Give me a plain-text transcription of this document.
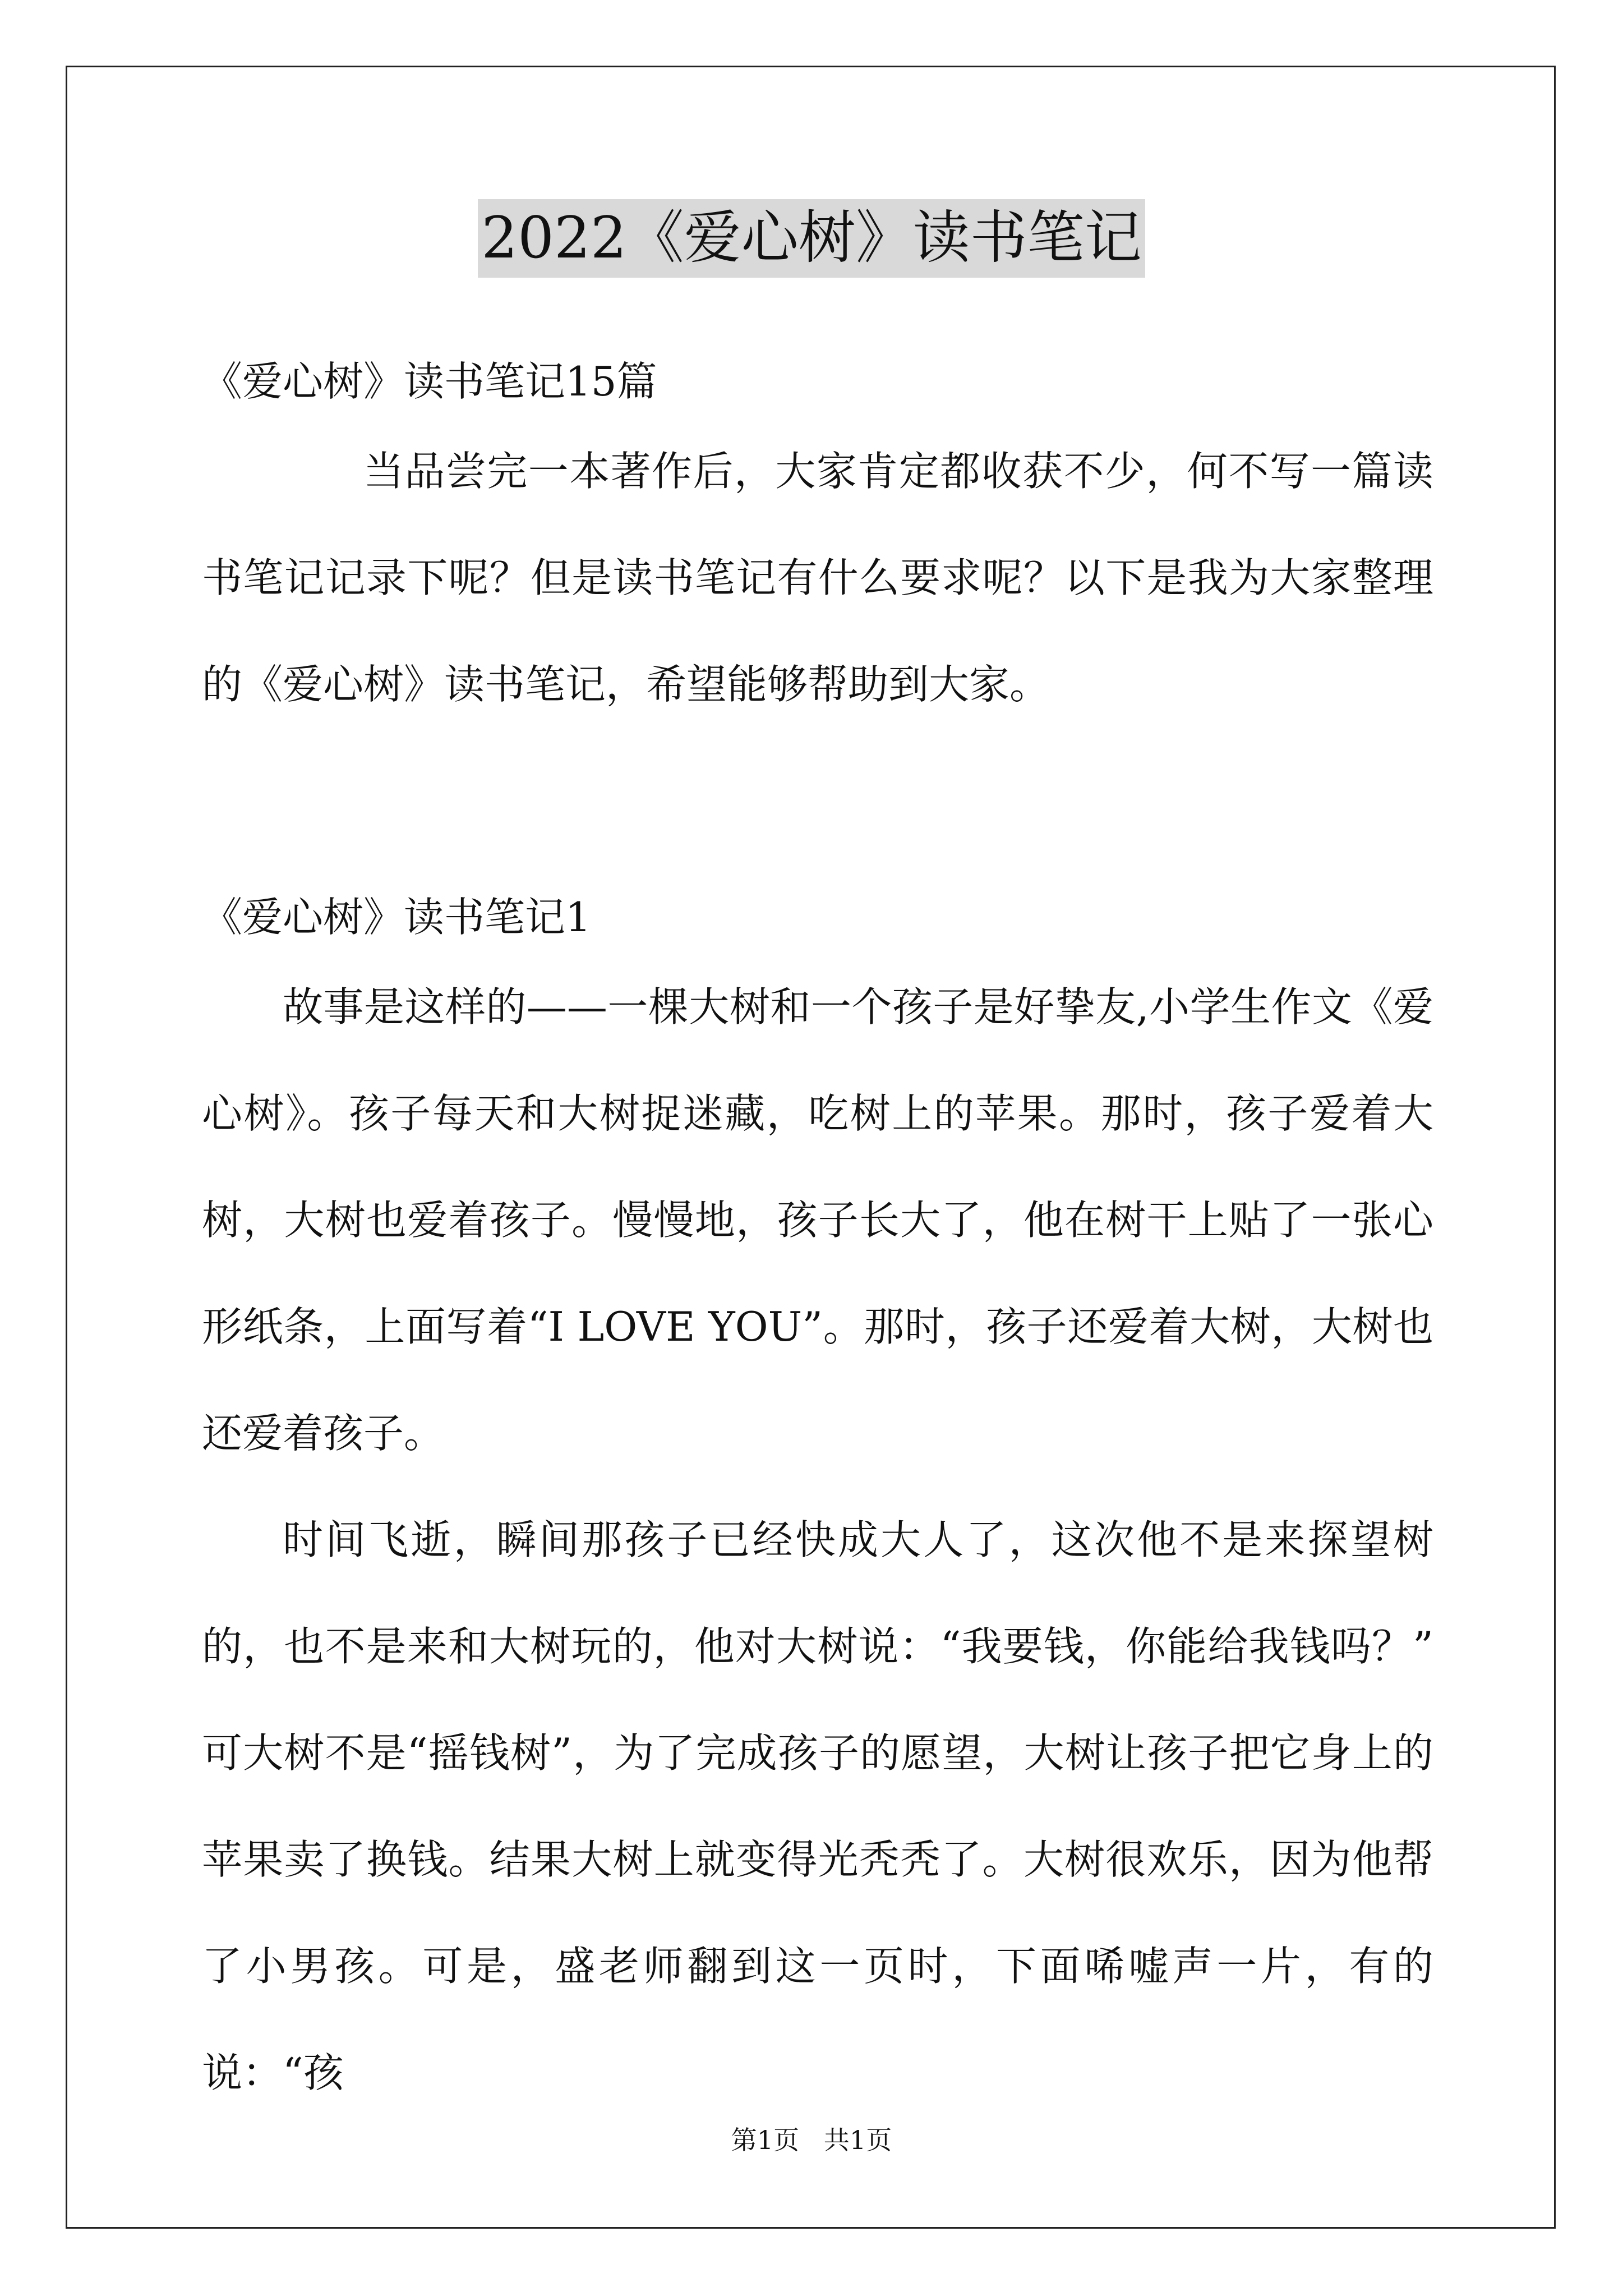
2022《爱心树》读书笔记
《爱心树》读书笔记15篇

当品尝完一本著作后，大家肯定都收获不少，何不写一篇读书笔记记录下呢？但是读书笔记有什么要求呢？以下是我为大家整理的《爱心树》读书笔记，希望能够帮助到大家。

《爱心树》读书笔记1

故事是这样的——一棵大树和一个孩子是好挚友,小学生作文《爱心树》。孩子每天和大树捉迷藏，吃树上的苹果。那时，孩子爱着大树，大树也爱着孩子。慢慢地，孩子长大了，他在树干上贴了一张心形纸条，上面写着“I LOVE YOU”。那时，孩子还爱着大树，大树也还爱着孩子。

时间飞逝，瞬间那孩子已经快成大人了，这次他不是来探望树的，也不是来和大树玩的，他对大树说：“我要钱，你能给我钱吗？” 可大树不是“摇钱树”，为了完成孩子的愿望，大树让孩子把它身上的苹果卖了换钱。结果大树上就变得光秃秃了。大树很欢乐，因为他帮了小男孩。可是，盛老师翻到这一页时，下面唏嘘声一片，有的说：“孩

第1页   共1页
